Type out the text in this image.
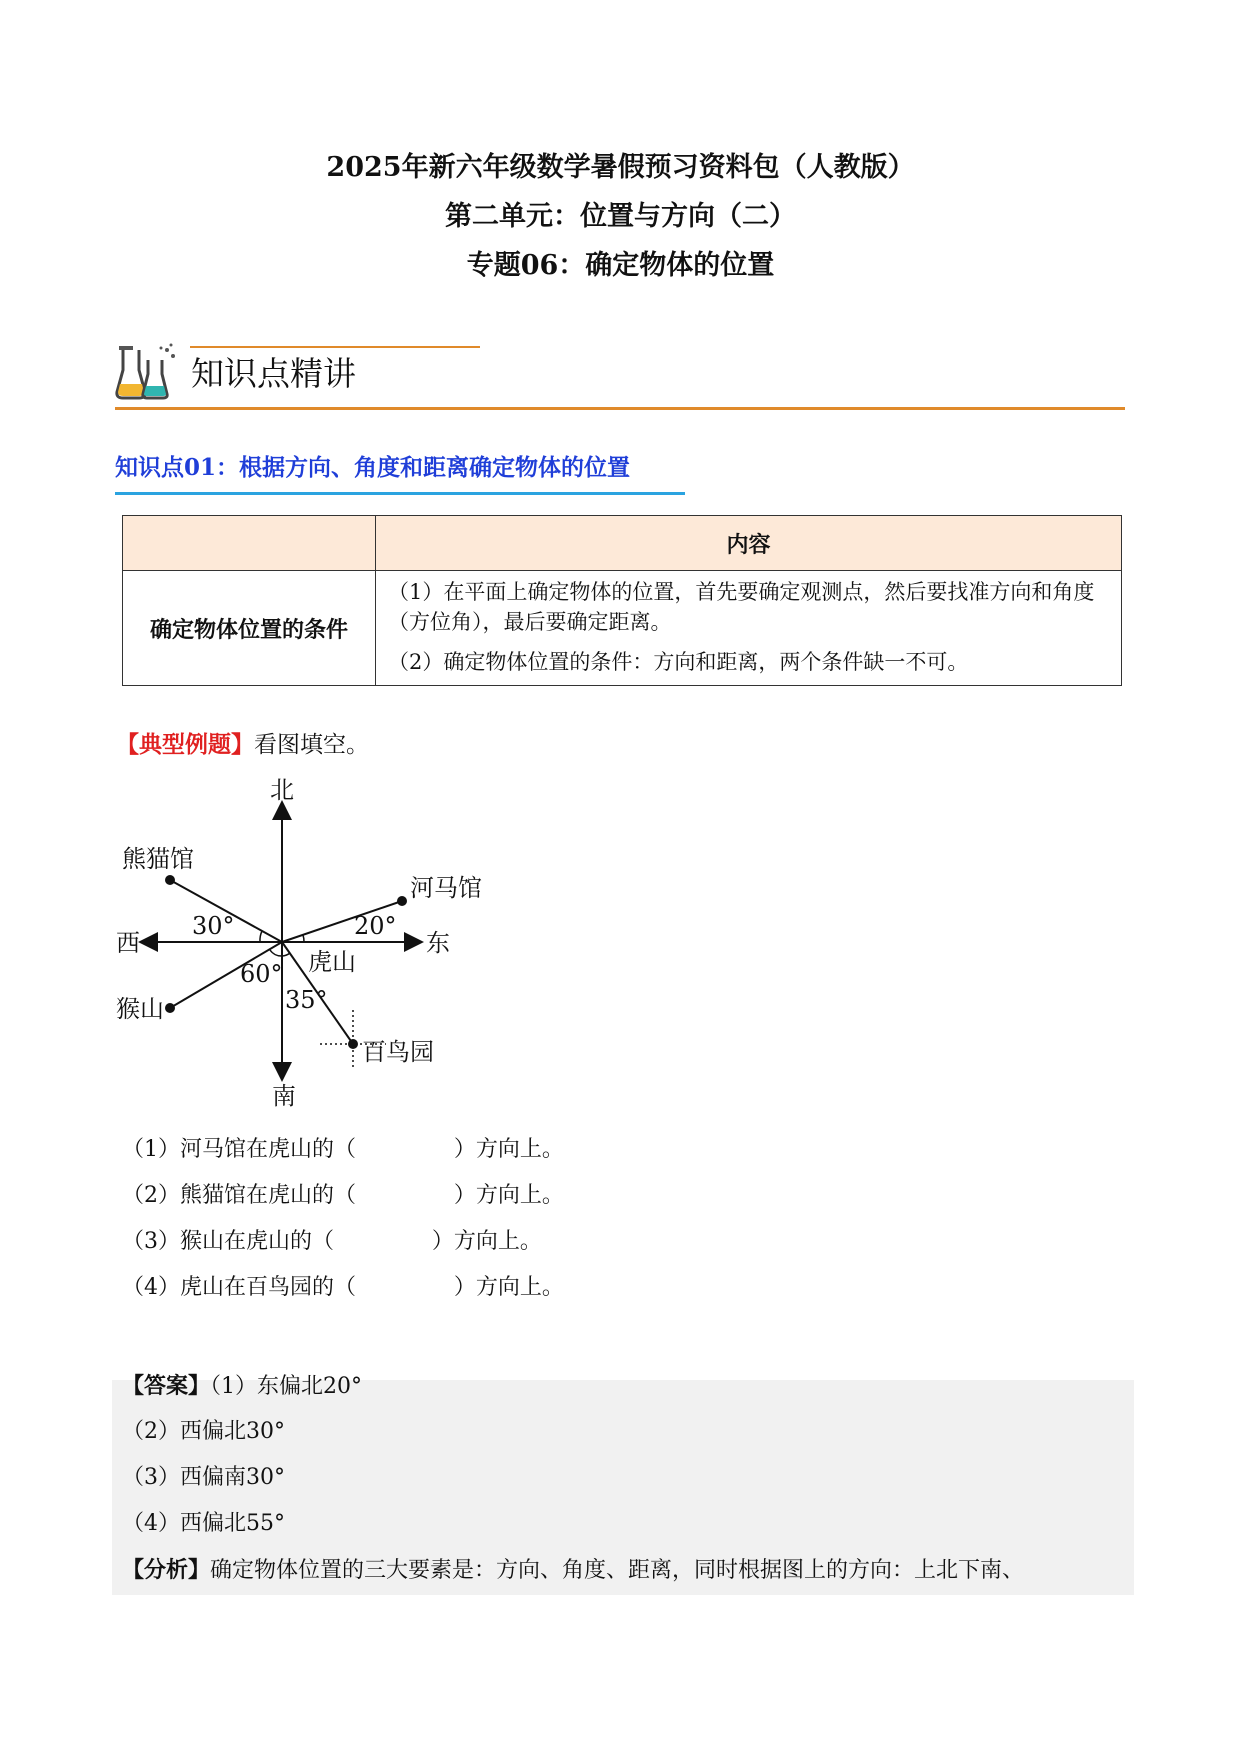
2025年新六年级数学暑假预习资料包（人教版）
第二单元：位置与方向（二）
专题06：确定物体的位置
知识点精讲
知识点01：根据方向、角度和距离确定物体的位置
	内容
确定物体位置的条件	（1）在平面上确定物体的位置，首先要确定观测点，然后要找准方向和角度（方位角），最后要确定距离。

（2）确定物体位置的条件：方向和距离，两个条件缺一不可。

【典型例题】看图填空。
北
南
东
西
虎山
熊猫馆
河马馆
猴山
百鸟园
30°	20°
60°
35°
（1）河马馆在虎山的（              ）方向上。
（2）熊猫馆在虎山的（              ）方向上。
（3）猴山在虎山的（              ）方向上。
（4）虎山在百鸟园的（              ）方向上。
【答案】（1）东偏北20°
（2）西偏北30°
（3）西偏南30°
（4）西偏北55°
【分析】确定物体位置的三大要素是：方向、角度、距离，同时根据图上的方向：上北下南、
